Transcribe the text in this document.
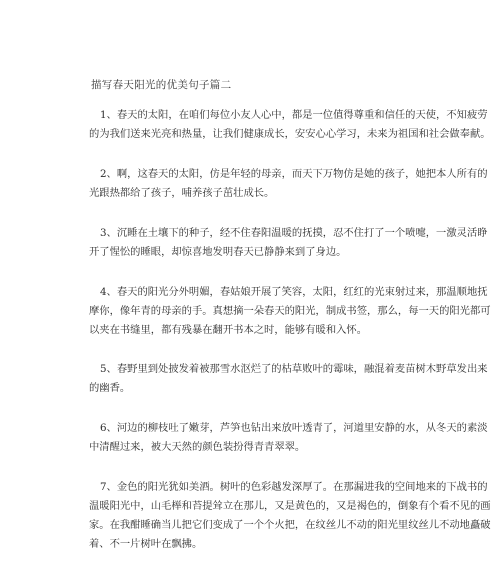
描写春天阳光的优美句子篇二
1、春天的太阳，在咱们每位小友人心中，都是一位值得尊重和信任的天使，不知疲劳
的为我们送来光亮和热量，让我们健康成长，安安心心学习，未来为祖国和社会做奉献。
2、啊，这春天的太阳，仿是年轻的母亲，而天下万物仿是她的孩子，她把本人所有的
光跟热都给了孩子，哺养孩子茁壮成长。
3、沉睡在土壤下的种子，经不住春阳温暖的抚摸，忍不住打了一个喷嚏，一激灵活睁
开了惺忪的睡眼，却惊喜地发明春天已静静来到了身边。
4、春天的阳光分外明媚，春姑娘开展了笑容，太阳，红红的光束射过来，那温顺地抚
摩你，像年青的母亲的手。真想摘一朵春天的阳光，制成书签，那么，每一天的阳光都可
以夹在书缝里，都有残暴在翻开书本之时，能够有暖和入怀。
5、春野里到处披发着被那雪水沤烂了的枯草败叶的霉味，融混着麦苗树木野草发出来
的幽香。
6、河边的柳枝吐了嫩芽，芦笋也钻出来放叶透青了，河道里安静的水，从冬天的素淡
中清醒过来，被大天然的颜色装扮得青青翠翠。
7、金色的阳光犹如美酒。树叶的色彩越发深厚了。在那漏进我的空间地来的下战书的
温暖阳光中，山毛榉和苔提耸立在那儿，又是黄色的，又是褐色的，倒象有个看不见的画
家。在我酣睡确当儿把它们变成了一个个火把，在纹丝儿不动的阳光里纹丝儿不动地矗破
着、不一片树叶在飘拂。
